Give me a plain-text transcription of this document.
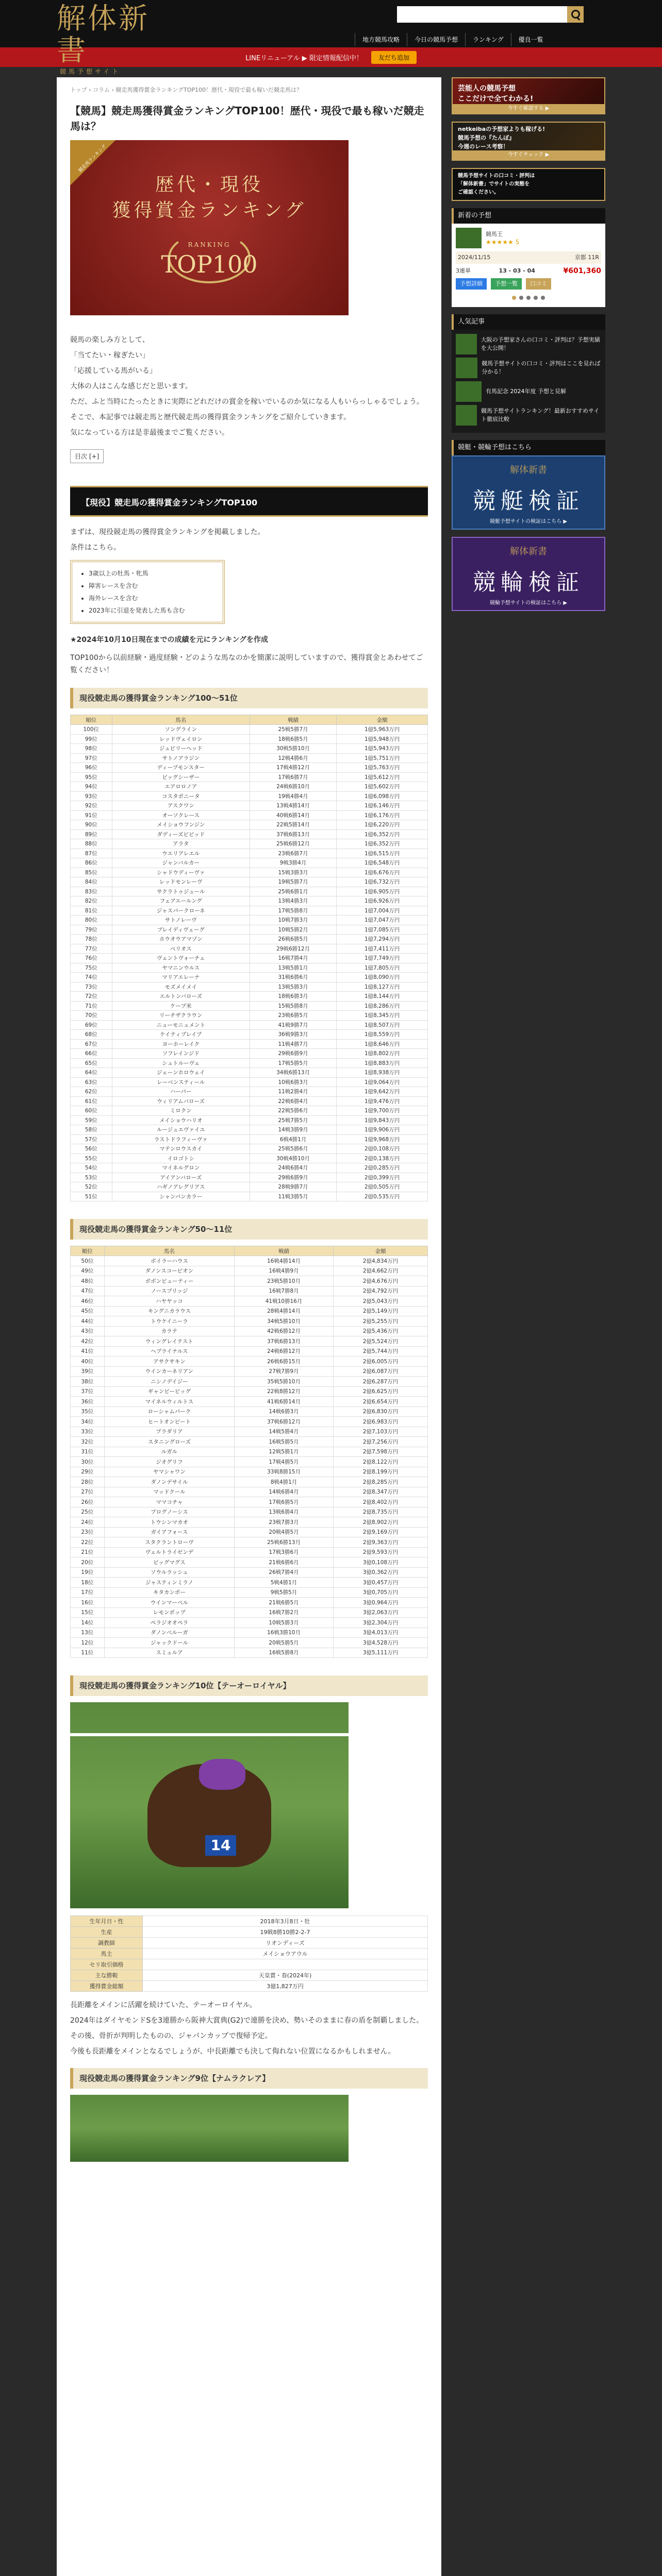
解体新書
競馬予想サイト
地方競馬攻略	今日の競馬予想	ランキング	優良一覧
LINEリニューアル ▶ 限定情報配信中！	友だち追加
トップ › コラム › 競走馬獲得賞金ランキングTOP100！歴代・現役で最も稼いだ競走馬は？
【競馬】競走馬獲得賞金ランキングTOP100！歴代・現役で最も稼いだ競走馬は？
競走馬ランキング
歴代・現役
獲得賞金ランキング
RANKING
TOP100

競馬の楽しみ方として、

「当てたい・稼ぎたい」

「応援している馬がいる」

大体の人はこんな感じだと思います。

ただ、ふと当時にたったときに実際にどれだけの賞金を稼いでいるのか気になる人もいらっしゃるでしょう。

そこで、本記事では競走馬と歴代競走馬の獲得賞金ランキングをご紹介していきます。

気になっている方は是非最後までご覧ください。

目次 [+]
【現役】競走馬の獲得賞金ランキングTOP100

まずは、現役競走馬の獲得賞金ランキングを掲載しました。

条件はこちら。

• 3歳以上の牡馬・牝馬
• 障害レースを含む
• 海外レースを含む
• 2023年に引退を発表した馬も含む

★2024年10月10日現在までの成績を元にランキングを作成

TOP100から以前経験・過度経験・どのような馬なのかを簡潔に説明していますので、獲得賞金とあわせてご覧ください！

現役競走馬の獲得賞金ランキング100〜51位
順位	馬名	戦績	金額
100位	ソングライン	25戦5勝7月	1億5,963万円
99位	レッドヴェイロン	18戦6勝5月	1億5,948万円
98位	ジュビリーヘッド	30戦5勝10月	1億5,943万円
97位	サトノアラジン	12戦4勝6月	1億5,751万円
96位	ディープモンスター	17戦4勝12月	1億5,763万円
95位	ビッグシーザー	17戦6勝7月	1億5,612万円
94位	エアロロノア	24戦6勝10月	1億5,602万円
93位	コスタボニータ	19戦4勝4月	1億6,098万円
92位	アスクワン	13戦4勝14月	1億6,146万円
91位	オーソクレース	40戦6勝14月	1億6,176万円
90位	メイショウフンジン	22戦5勝14月	1億6,220万円
89位	ダディーズビビッド	37戦6勝13月	1億6,352万円
88位	アラタ	25戦6勝12月	1億6,352万円
87位	ウエリアレエル	23戦6勝7月	1億6,515万円
86位	ジャンバルカー	9戦3勝4月	1億6,548万円
85位	シャドウディーヴァ	15戦3勝3月	1億6,676万円
84位	レッドモンレーヴ	19戦5勝7月	1億6,732万円
83位	サクラトゥジュール	25戦6勝1月	1億6,905万円
82位	フェアエールング	13戦4勝3月	1億6,926万円
81位	ジャスパークローネ	17戦5勝8月	1億7,004万円
80位	サトノレーヴ	10戦7勝3月	1億7,047万円
79位	ブレイディヴェーグ	10戦5勝2月	1億7,085万円
78位	ホウオウアマゾン	26戦6勝5月	1億7,294万円
77位	ベリオス	29戦6勝12月	1億7,411万円
76位	ヴェントヴォーチェ	16戦7勝4月	1億7,749万円
75位	ヤマニンウルス	13戦5勝1月	1億7,805万円
74位	マリアエレーナ	31戦6勝6月	1億8,090万円
73位	モズメイメイ	13戦5勝3月	1億8,127万円
72位	エルトンバローズ	18戦6勝3月	1億8,144万円
71位	ケープ米	15戦5勝8月	1億8,286万円
70位	リーチザクラウン	23戦6勝5月	1億8,345万円
69位	ニューモニュメント	41戦9勝7月	1億8,507万円
68位	ケイティブレイブ	36戦9勝3月	1億8,559万円
67位	ヨーホーレイク	11戦4勝7月	1億8,646万円
66位	ソフレインジド	29戦6勝9月	1億8,802万円
65位	シュトルーヴェ	17戦5勝5月	1億8,883万円
64位	ジェーンホロウェイ	34戦6勝13月	1億8,938万円
63位	レーベンスティール	10戦6勝3月	1億9,064万円
62位	ハーパー	11戦2勝4月	1億9,642万円
61位	ウィリアムバローズ	22戦6勝4月	1億9,476万円
60位	ミロクン	22戦5勝6月	1億9,700万円
59位	メイショウハリオ	25戦7勝5月	1億9,843万円
58位	ルージュエヴァイユ	14戦3勝9月	1億9,906万円
57位	ラストドラフィーヴァ	6戦4勝1月	1億9,968万円
56位	マテンロウスカイ	25戦5勝6月	2億0,108万円
55位	イロゴトシ	30戦4勝10月	2億0,138万円
54位	マイネルグロン	24戦6勝4月	2億0,285万円
53位	アイアンバローズ	29戦6勝9月	2億0,399万円
52位	ハギノアレグリアス	28戦9勝7月	2億0,505万円
51位	シャンパンカラー	11戦3勝5月	2億0,535万円
現役競走馬の獲得賞金ランキング50〜11位
順位	馬名	戦績	金額
50位	ボイラーハウス	16戦4勝14月	2億4,834万円
49位	ダノンスコーピオン	16戦4勝9月	2億4,662万円
48位	ボボンビューティー	23戦5勝10月	2億4,676万円
47位	ノースブリッジ	16戦7勝8月	2億4,792万円
46位	ハヤヤッコ	41戦10勝16月	2億5,043万円
45位	キングニカラウス	28戦4勝14月	2億5,149万円
44位	トウケイニーラ	34戦5勝10月	2億5,255万円
43位	カラテ	42戦6勝12月	2億5,436万円
42位	ウィングレイテスト	37戦6勝13月	2億5,524万円
41位	ヘブライナルス	24戦6勝12月	2億5,744万円
40位	アサクサキン	26戦6勝15月	2億6,005万円
39位	ウインカーネリアン	27戦7勝9月	2億6,087万円
38位	ニシノデイジー	35戦5勝10月	2億6,287万円
37位	ギャンビービッグ	22戦8勝12月	2億6,625万円
36位	マイネルウィルトス	41戦6勝14月	2億6,654万円
35位	ローシャムパーク	14戦6勝3月	2億6,830万円
34位	ヒートオンビート	37戦6勝12月	2億6,983万円
33位	プラダリア	14戦5勝4月	2億7,103万円
32位	スタニングローズ	16戦5勝5月	2億7,256万円
31位	ルガル	12戦5勝1月	2億7,598万円
30位	ジオグリフ	17戦4勝5月	2億8,122万円
29位	ヤマシャワン	33戦8勝15月	2億8,199万円
28位	ダノンデサイル	8戦4勝1月	2億8,285万円
27位	マッドクール	14戦6勝4月	2億8,347万円
26位	ママコチャ	17戦6勝5月	2億8,402万円
25位	プログノーシス	13戦6勝4月	2億8,735万円
24位	トウシンマカオ	23戦7勝3月	2億8,902万円
23位	ガイアフォース	20戦4勝5月	2億9,169万円
22位	スタクラントローヴ	25戦6勝13月	2億9,363万円
21位	ヴェルトライゼンデ	17戦3勝6月	2億9,593万円
20位	ビッグマグス	21戦6勝6月	3億0,108万円
19位	ソウルラッシュ	26戦7勝4月	3億0,362万円
18位	ジャスティンミラノ	5戦4勝1月	3億0,457万円
17位	キタカンポー	9戦5勝5月	3億0,705万円
16位	ウインマーベル	21戦6勝5月	3億0,964万円
15位	レモンポップ	16戦7勝2月	3億2,063万円
14位	ペラジオオペラ	10戦5勝3月	3億2,304万円
13位	ダノンベルーガ	16戦3勝10月	3億4,013万円
12位	ジャックドール	20戦5勝5月	3億4,528万円
11位	スミュルア	16戦5勝8月	3億5,111万円
現役競走馬の獲得賞金ランキング10位【テーオーロイヤル】
14
生年月日・性	2018年3月8日・牡
生産	19戦8勝10勝2-2-7
調教師	リオンディーズ
馬主	メイショウアウル
セリ取引価格	
主な勝鞍	天皇賞・春(2024年)
獲得賞金総額	3億1,827万円

長距離をメインに活躍を続けていた、テーオーロイヤル。

2024年はダイヤモンドSを3連勝から阪神大賞典(G2)で連勝を決め、勢いそのままに春の盾を制覇しました。

その後、骨折が判明したものの、ジャパンカップで復帰予定。

今後も長距離をメインとなるでしょうが、中長距離でも決して侮れない位置になるかもしれません。

現役競走馬の獲得賞金ランキング9位【ナムラクレア】
芸能人の競馬予想
ここだけで全てわかる!
今すぐ確認する ▶
netkeibaの予想家よりも稼げる!
競馬予想の『たんぽ』
今週のレース考察！
今すぐチェック ▶
競馬予想サイトの口コミ・評判は
「解体新書」でサイトの実態を
ご確認ください。
新着の予想
競馬王
★★★★★ 5
2024/11/15	京都 11R
3連単	13 - 03 - 04	¥601,360
予想詳細	予想一覧	口コミ
人気記事
大阪の予想家さんの口コミ・評判は？予想実績を大公開！
競馬予想サイトの口コミ・評判はここを見れば分かる！
有馬記念 2024年度 予想と見解
競馬予想サイトランキング！最新おすすめサイト徹底比較
競艇・競輪予想はこちら
解体新書
競艇検証
競艇予想サイトの検証はこちら ▶
解体新書
競輪検証
競輪予想サイトの検証はこちら ▶
